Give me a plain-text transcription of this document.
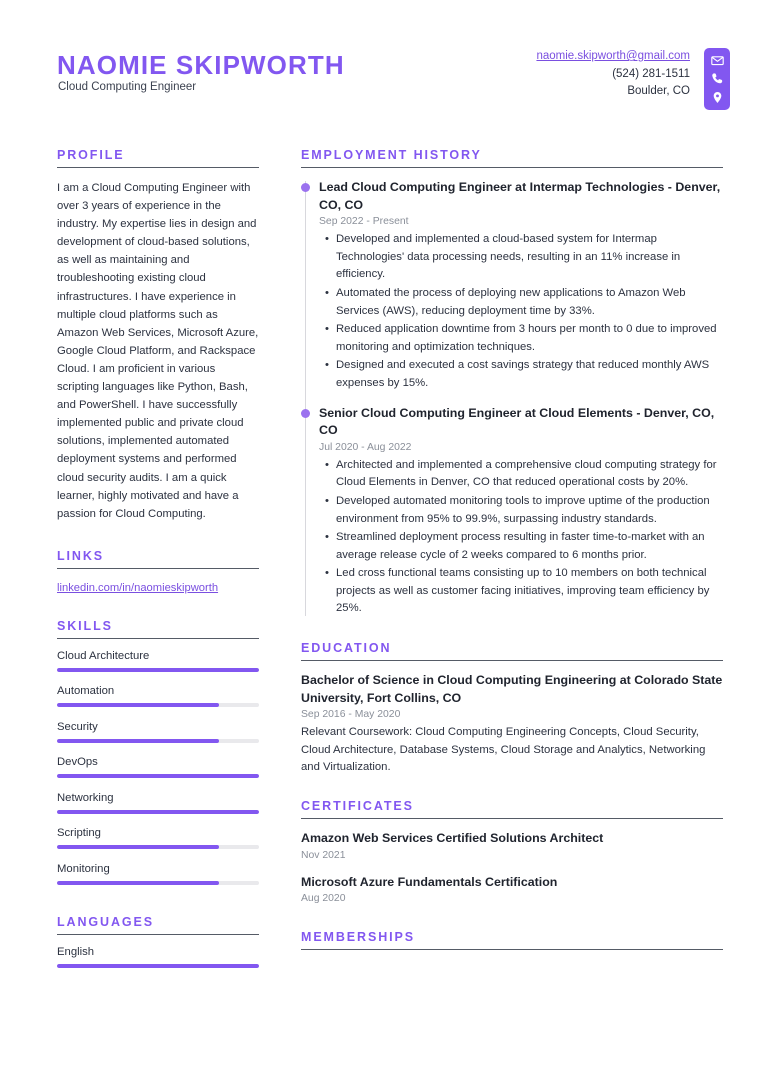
NAOMIE SKIPWORTH
Cloud Computing Engineer
naomie.skipworth@gmail.com
(524) 281-1511
Boulder, CO
PROFILE
I am a Cloud Computing Engineer with over 3 years of experience in the industry. My expertise lies in design and development of cloud-based solutions, as well as maintaining and troubleshooting existing cloud infrastructures. I have experience in multiple cloud platforms such as Amazon Web Services, Microsoft Azure, Google Cloud Platform, and Rackspace Cloud. I am proficient in various scripting languages like Python, Bash, and PowerShell. I have successfully implemented public and private cloud solutions, implemented automated deployment systems and performed cloud security audits. I am a quick learner, highly motivated and have a passion for Cloud Computing.
LINKS
linkedin.com/in/naomieskipworth
SKILLS
Cloud Architecture
Automation
Security
DevOps
Networking
Scripting
Monitoring
LANGUAGES
English
EMPLOYMENT HISTORY
Lead Cloud Computing Engineer at Intermap Technologies - Denver, CO, CO
Sep 2022 - Present
• Developed and implemented a cloud-based system for Intermap Technologies' data processing needs, resulting in an 11% increase in efficiency.
• Automated the process of deploying new applications to Amazon Web Services (AWS), reducing deployment time by 33%.
• Reduced application downtime from 3 hours per month to 0 due to improved monitoring and optimization techniques.
• Designed and executed a cost savings strategy that reduced monthly AWS expenses by 15%.
Senior Cloud Computing Engineer at Cloud Elements - Denver, CO, CO
Jul 2020 - Aug 2022
• Architected and implemented a comprehensive cloud computing strategy for Cloud Elements in Denver, CO that reduced operational costs by 20%.
• Developed automated monitoring tools to improve uptime of the production environment from 95% to 99.9%, surpassing industry standards.
• Streamlined deployment process resulting in faster time-to-market with an average release cycle of 2 weeks compared to 6 months prior.
• Led cross functional teams consisting up to 10 members on both technical projects as well as customer facing initiatives, improving team efficiency by 25%.
EDUCATION
Bachelor of Science in Cloud Computing Engineering at Colorado State University, Fort Collins, CO
Sep 2016 - May 2020
Relevant Coursework: Cloud Computing Engineering Concepts, Cloud Security, Cloud Architecture, Database Systems, Cloud Storage and Analytics, Networking and Virtualization.
CERTIFICATES
Amazon Web Services Certified Solutions Architect
Nov 2021
Microsoft Azure Fundamentals Certification
Aug 2020
MEMBERSHIPS
